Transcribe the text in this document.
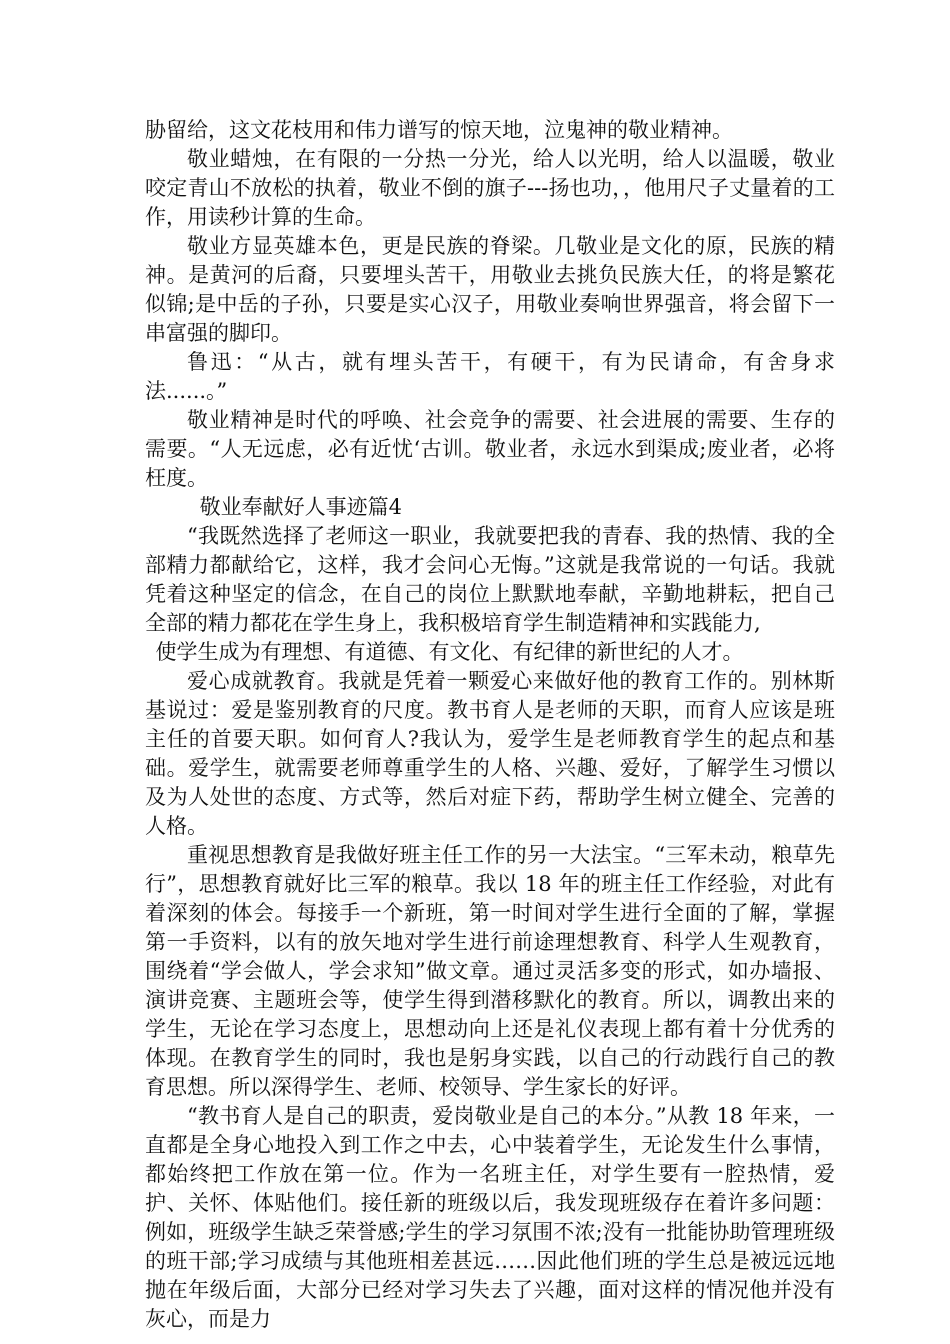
胁留给，这文花枝用和伟力谱写的惊天地，泣鬼神的敬业精神。

敬业蜡烛，在有限的一分热一分光，给人以光明，给人以温暖，敬业咬定青山不放松的执着，敬业不倒的旗子---扬也功，，他用尺子丈量着的工作，用读秒计算的生命。

敬业方显英雄本色，更是民族的脊梁。几敬业是文化的原，民族的精神。是黄河的后裔，只要埋头苦干，用敬业去挑负民族大任，的将是繁花似锦;是中岳的子孙，只要是实心汉子，用敬业奏响世界强音，将会留下一串富强的脚印。

鲁迅：“从古，就有埋头苦干，有硬干，有为民请命，有舍身求法......。”

敬业精神是时代的呼唤、社会竞争的需要、社会进展的需要、生存的需要。“人无远虑，必有近忧‘古训。敬业者，永远水到渠成;废业者，必将枉度。

敬业奉献好人事迹篇4

“我既然选择了老师这一职业，我就要把我的青春、我的热情、我的全部精力都献给它，这样，我才会问心无悔。”这就是我常说的一句话。我就凭着这种坚定的信念，在自己的岗位上默默地奉献，辛勤地耕耘，把自己全部的精力都花在学生身上，我积极培育学生制造精神和实践能力,

使学生成为有理想、有道德、有文化、有纪律的新世纪的人才。

爱心成就教育。我就是凭着一颗爱心来做好他的教育工作的。别林斯基说过：爱是鉴别教育的尺度。教书育人是老师的天职，而育人应该是班主任的首要天职。如何育人?我认为，爱学生是老师教育学生的起点和基础。爱学生，就需要老师尊重学生的人格、兴趣、爱好，了解学生习惯以及为人处世的态度、方式等，然后对症下药，帮助学生树立健全、完善的人格。

重视思想教育是我做好班主任工作的另一大法宝。“三军未动，粮草先行”，思想教育就好比三军的粮草。我以 18 年的班主任工作经验，对此有着深刻的体会。每接手一个新班，第一时间对学生进行全面的了解，掌握第一手资料，以有的放矢地对学生进行前途理想教育、科学人生观教育，围绕着“学会做人，学会求知”做文章。通过灵活多变的形式，如办墙报、演讲竞赛、主题班会等，使学生得到潜移默化的教育。所以，调教出来的学生，无论在学习态度上，思想动向上还是礼仪表现上都有着十分优秀的体现。在教育学生的同时，我也是躬身实践，以自己的行动践行自己的教育思想。所以深得学生、老师、校领导、学生家长的好评。

“教书育人是自己的职责，爱岗敬业是自己的本分。”从教 18 年来，一直都是全身心地投入到工作之中去，心中装着学生，无论发生什么事情，都始终把工作放在第一位。作为一名班主任，对学生要有一腔热情，爱护、关怀、体贴他们。接任新的班级以后，我发现班级存在着许多问题：例如，班级学生缺乏荣誉感;学生的学习氛围不浓;没有一批能协助管理班级的班干部;学习成绩与其他班相差甚远……因此他们班的学生总是被远远地抛在年级后面，大部分已经对学习失去了兴趣，面对这样的情况他并没有灰心，而是力
